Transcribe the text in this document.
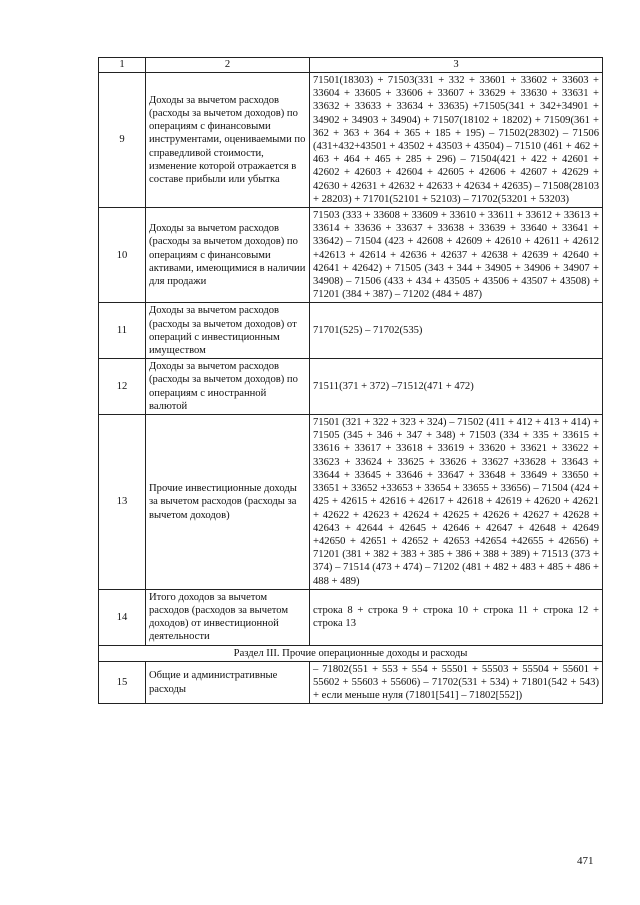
1	2	3
9	Доходы за вычетом расходов (расходы за вычетом доходов) по операциям с финансовыми инструментами, оцениваемыми по справедливой стоимости, изменение которой отражается в составе прибыли или убытка	71501(18303) + 71503(331 + 332 + 33601 + 33602 + 33603 + 33604 + 33605 + 33606 + 33607 + 33629 + 33630 + 33631 + 33632 + 33633 + 33634 + 33635) +71505(341 + 342+34901 + 34902 + 34903 + 34904) + 71507(18102 + 18202) + 71509(361 + 362 + 363 + 364 + 365 + 185 + 195) – 71502(28302) – 71506 (431+432+43501 + 43502 + 43503 + 43504) – 71510 (461 + 462 + 463 + 464 + 465 + 285 + 296) – 71504(421 + 422 + 42601 + 42602 + 42603 + 42604 + 42605 + 42606 + 42607 + 42629 + 42630 + 42631 + 42632 + 42633 + 42634 + 42635) – 71508(28103 + 28203) + 71701(52101 + 52103) – 71702(53201 + 53203)
10	Доходы за вычетом расходов (расходы за вычетом доходов) по операциям с финансовыми активами, имеющимися в наличии для продажи	71503 (333 + 33608 + 33609 + 33610 + 33611 + 33612 + 33613 + 33614 + 33636 + 33637 + 33638 + 33639 + 33640 + 33641 + 33642) – 71504 (423 + 42608 + 42609 + 42610 + 42611 + 42612 +42613 + 42614 + 42636 + 42637 + 42638 + 42639 + 42640 + 42641 + 42642) + 71505 (343 + 344 + 34905 + 34906 + 34907 + 34908) – 71506 (433 + 434 + 43505 + 43506 + 43507 + 43508) + 71201 (384 + 387) – 71202 (484 + 487)
11	Доходы за вычетом расходов (расходы за вычетом доходов) от операций с инвестиционным имуществом	71701(525) – 71702(535)
12	Доходы за вычетом расходов (расходы за вычетом доходов) по операциям с иностранной валютой	71511(371 + 372) –71512(471 + 472)
13	Прочие инвестиционные доходы за вычетом расходов (расходы за вычетом доходов)	71501 (321 + 322 + 323 + 324) – 71502 (411 + 412 + 413 + 414) + 71505 (345 + 346 + 347 + 348) + 71503 (334 + 335 + 33615 + 33616 + 33617 + 33618 + 33619 + 33620 + 33621 + 33622 + 33623 + 33624 + 33625 + 33626 + 33627 +33628 + 33643 + 33644 + 33645 + 33646 + 33647 + 33648 + 33649 + 33650 + 33651 + 33652 +33653 + 33654 + 33655 + 33656) – 71504 (424 + 425 + 42615 + 42616 + 42617 + 42618 + 42619 + 42620 + 42621 + 42622 + 42623 + 42624 + 42625 + 42626 + 42627 + 42628 + 42643 + 42644 + 42645 + 42646 + 42647 + 42648 + 42649 +42650 + 42651 + 42652 + 42653 +42654 +42655 + 42656) + 71201 (381 + 382 + 383 + 385 + 386 + 388 + 389) + 71513 (373 + 374) – 71514 (473 + 474) – 71202 (481 + 482 + 483 + 485 + 486 + 488 + 489)
14	Итого доходов за вычетом расходов (расходов за вычетом доходов) от инвестиционной деятельности	строка 8 + строка 9 + строка 10 + строка 11 + строка 12 + строка 13
Раздел III. Прочие операционные доходы и расходы		
15	Общие и административные расходы	– 71802(551 + 553 + 554 + 55501 + 55503 + 55504 + 55601 + 55602 + 55603 + 55606) – 71702(531 + 534) + 71801(542 + 543) + если меньше нуля (71801[541] – 71802[552])
471
